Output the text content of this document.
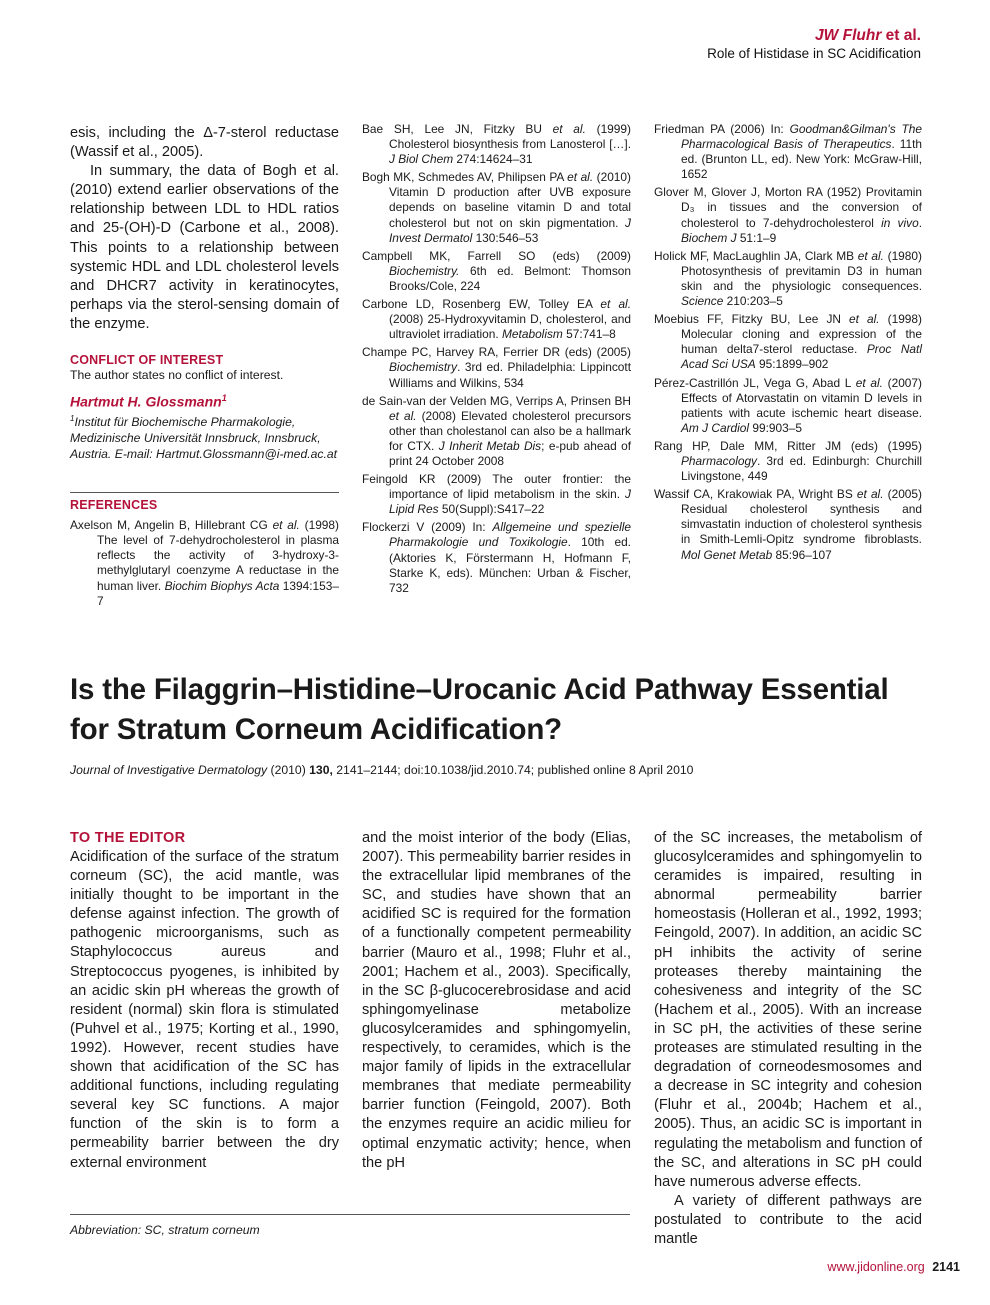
JW Fluhr et al.
Role of Histidase in SC Acidification

esis, including the Δ-7-sterol reductase (Wassif et al., 2005).

In summary, the data of Bogh et al. (2010) extend earlier observations of the relationship between LDL to HDL ratios and 25-(OH)-D (Carbone et al., 2008). This points to a relationship between systemic HDL and LDL cholesterol levels and DHCR7 activity in keratinocytes, perhaps via the sterol-sensing domain of the enzyme.

CONFLICT OF INTEREST
The author states no conflict of interest.
Hartmut H. Glossmann$^1$
$^1$Institut für Biochemische Pharmakologie, Medizinische Universität Innsbruck, Innsbruck, Austria. E-mail: Hartmut.Glossmann@i-med.ac.at
REFERENCES
Axelson M, Angelin B, Hillebrant CG et al. (1998) The level of 7-dehydrocholesterol in plasma reflects the activity of 3-hydroxy-3-methylglutaryl coenzyme A reductase in the human liver. Biochim Biophys Acta 1394:153–7
Bae SH, Lee JN, Fitzky BU et al. (1999) Cholesterol biosynthesis from Lanosterol […]. J Biol Chem 274:14624–31
Bogh MK, Schmedes AV, Philipsen PA et al. (2010) Vitamin D production after UVB exposure depends on baseline vitamin D and total cholesterol but not on skin pigmentation. J Invest Dermatol 130:546–53
Campbell MK, Farrell SO (eds) (2009) Biochemistry. 6th ed. Belmont: Thomson Brooks/Cole, 224
Carbone LD, Rosenberg EW, Tolley EA et al. (2008) 25-Hydroxyvitamin D, cholesterol, and ultraviolet irradiation. Metabolism 57:741–8
Champe PC, Harvey RA, Ferrier DR (eds) (2005) Biochemistry. 3rd ed. Philadelphia: Lippincott Williams and Wilkins, 534
de Sain-van der Velden MG, Verrips A, Prinsen BH et al. (2008) Elevated cholesterol precursors other than cholestanol can also be a hallmark for CTX. J Inherit Metab Dis; e-pub ahead of print 24 October 2008
Feingold KR (2009) The outer frontier: the importance of lipid metabolism in the skin. J Lipid Res 50(Suppl):S417–22
Flockerzi V (2009) In: Allgemeine und spezielle Pharmakologie und Toxikologie. 10th ed. (Aktories K, Förstermann H, Hofmann F, Starke K, eds). München: Urban & Fischer, 732
Friedman PA (2006) In: Goodman&Gilman's The Pharmacological Basis of Therapeutics. 11th ed. (Brunton LL, ed). New York: McGraw-Hill, 1652
Glover M, Glover J, Morton RA (1952) Provitamin D₃ in tissues and the conversion of cholesterol to 7-dehydrocholesterol in vivo. Biochem J 51:1–9
Holick MF, MacLaughlin JA, Clark MB et al. (1980) Photosynthesis of previtamin D3 in human skin and the physiologic consequences. Science 210:203–5
Moebius FF, Fitzky BU, Lee JN et al. (1998) Molecular cloning and expression of the human delta7-sterol reductase. Proc Natl Acad Sci USA 95:1899–902
Pérez-Castrillón JL, Vega G, Abad L et al. (2007) Effects of Atorvastatin on vitamin D levels in patients with acute ischemic heart disease. Am J Cardiol 99:903–5
Rang HP, Dale MM, Ritter JM (eds) (1995) Pharmacology. 3rd ed. Edinburgh: Churchill Livingstone, 449
Wassif CA, Krakowiak PA, Wright BS et al. (2005) Residual cholesterol synthesis and simvastatin induction of cholesterol synthesis in Smith-Lemli-Opitz syndrome fibroblasts. Mol Genet Metab 85:96–107
Is the Filaggrin–Histidine–Urocanic Acid Pathway Essential for Stratum Corneum Acidification?
Journal of Investigative Dermatology (2010) 130, 2141–2144; doi:10.1038/jid.2010.74; published online 8 April 2010
TO THE EDITOR
Acidification of the surface of the stratum corneum (SC), the acid mantle, was initially thought to be important in the defense against infection. The growth of pathogenic microorganisms, such as Staphylococcus aureus and Streptococcus pyogenes, is inhibited by an acidic skin pH whereas the growth of resident (normal) skin flora is stimulated (Puhvel et al., 1975; Korting et al., 1990, 1992). However, recent studies have shown that acidification of the SC has additional functions, including regulating several key SC functions. A major function of the skin is to form a permeability barrier between the dry external environment
and the moist interior of the body (Elias, 2007). This permeability barrier resides in the extracellular lipid membranes of the SC, and studies have shown that an acidified SC is required for the formation of a functionally competent permeability barrier (Mauro et al., 1998; Fluhr et al., 2001; Hachem et al., 2003). Specifically, in the SC β-glucocerebrosidase and acid sphingomyelinase metabolize glucosylceramides and sphingomyelin, respectively, to ceramides, which is the major family of lipids in the extracellular membranes that mediate permeability barrier function (Feingold, 2007). Both the enzymes require an acidic milieu for optimal enzymatic activity; hence, when the pH
of the SC increases, the metabolism of glucosylceramides and sphingomyelin to ceramides is impaired, resulting in abnormal permeability barrier homeostasis (Holleran et al., 1992, 1993; Feingold, 2007). In addition, an acidic SC pH inhibits the activity of serine proteases thereby maintaining the cohesiveness and integrity of the SC (Hachem et al., 2005). With an increase in SC pH, the activities of these serine proteases are stimulated resulting in the degradation of corneodesmosomes and a decrease in SC integrity and cohesion (Fluhr et al., 2004b; Hachem et al., 2005). Thus, an acidic SC is important in regulating the metabolism and function of the SC, and alterations in SC pH could have numerous adverse effects.
A variety of different pathways are postulated to contribute to the acid mantle
Abbreviation: SC, stratum corneum
www.jidonline.org 2141
